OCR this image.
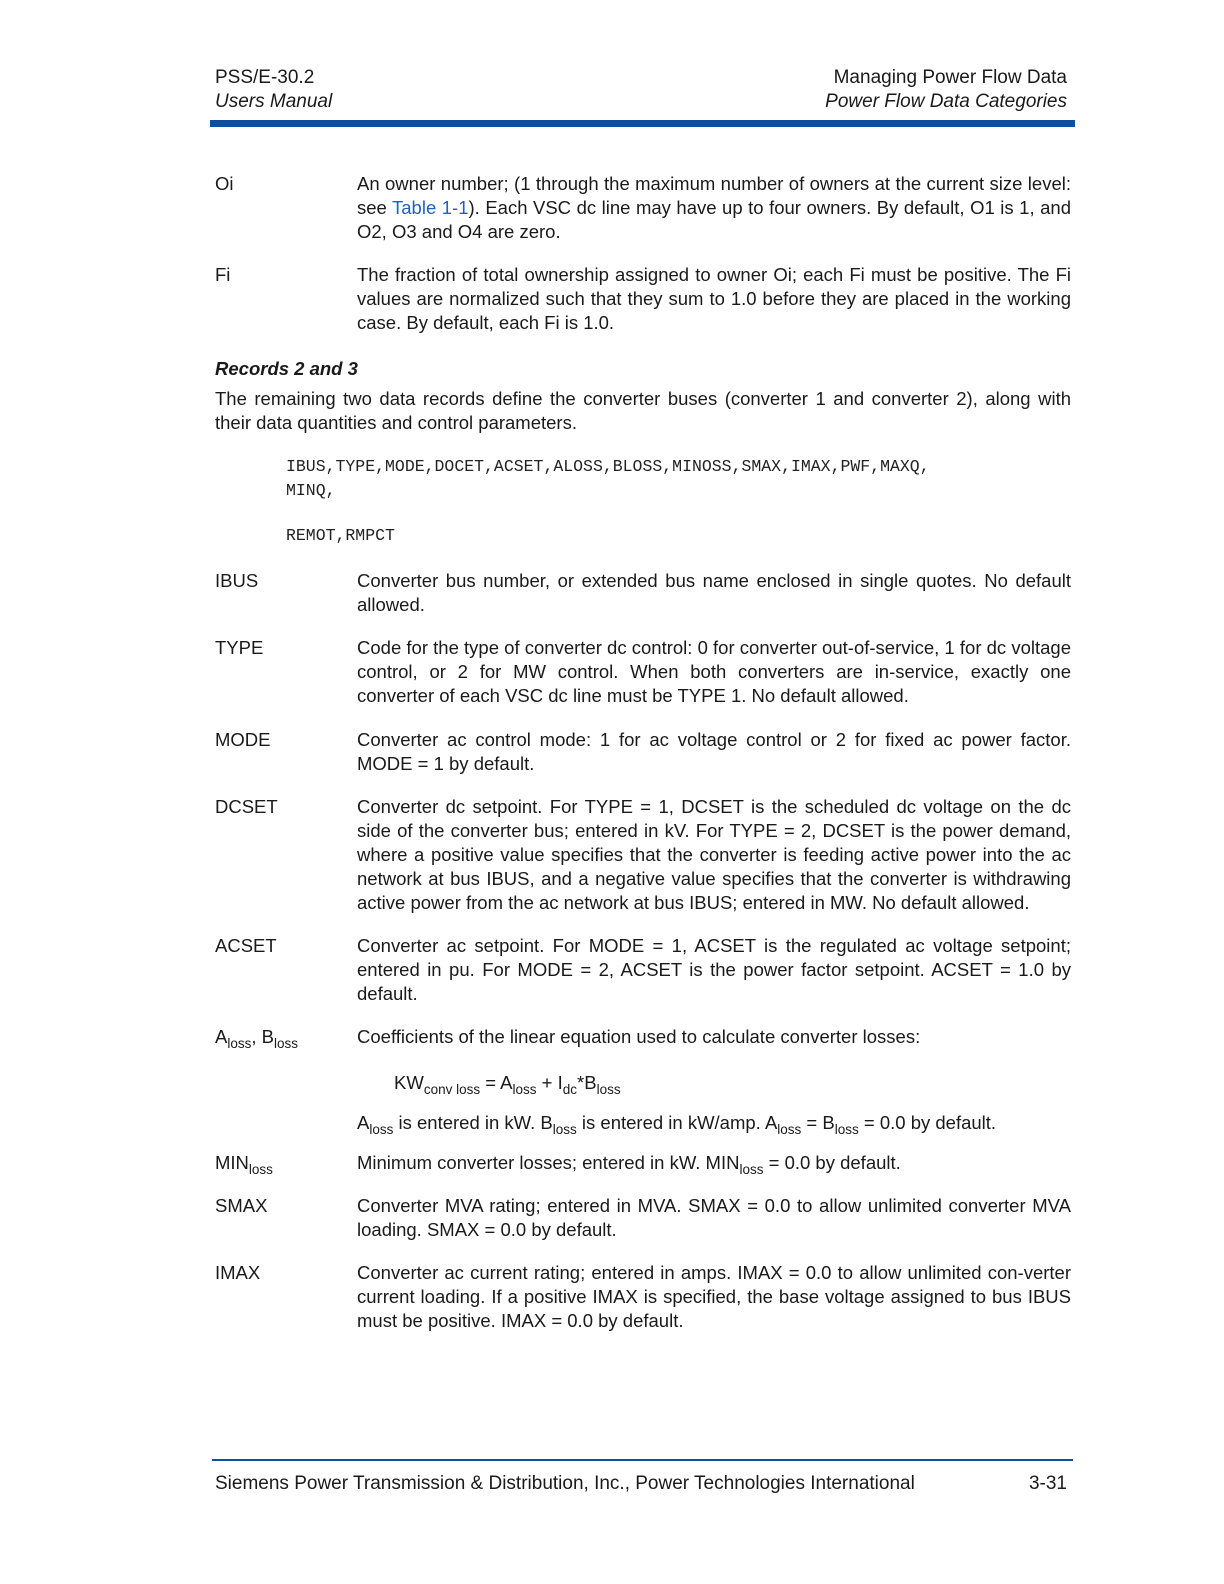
PSS/E-30.2
Users Manual
Managing Power Flow Data
Power Flow Data Categories
Oi	An owner number; (1 through the maximum number of owners at the current size level: see Table 1-1). Each VSC dc line may have up to four owners. By default, O1 is 1, and O2, O3 and O4 are zero.
Fi	The fraction of total ownership assigned to owner Oi; each Fi must be positive. The Fi values are normalized such that they sum to 1.0 before they are placed in the working case. By default, each Fi is 1.0.
Records 2 and 3
The remaining two data records define the converter buses (converter 1 and converter 2), along with their data quantities and control parameters.
IBUS,TYPE,MODE,DOCET,ACSET,ALOSS,BLOSS,MINOSS,SMAX,IMAX,PWF,MAXQ,
MINQ,
REMOT,RMPCT
IBUS	Converter bus number, or extended bus name enclosed in single quotes. No default allowed.
TYPE	Code for the type of converter dc control: 0 for converter out-of-service, 1 for dc voltage control, or 2 for MW control. When both converters are in-service, exactly one converter of each VSC dc line must be TYPE 1. No default allowed.
MODE	Converter ac control mode: 1 for ac voltage control or 2 for fixed ac power factor. MODE = 1 by default.
DCSET	Converter dc setpoint. For TYPE = 1, DCSET is the scheduled dc voltage on the dc side of the converter bus; entered in kV. For TYPE = 2, DCSET is the power demand, where a positive value specifies that the converter is feeding active power into the ac network at bus IBUS, and a negative value specifies that the converter is withdrawing active power from the ac network at bus IBUS; entered in MW. No default allowed.
ACSET	Converter ac setpoint. For MODE = 1, ACSET is the regulated ac voltage setpoint; entered in pu. For MODE = 2, ACSET is the power factor setpoint. ACSET = 1.0 by default.
$A_{loss}$, $B_{loss}$	Coefficients of the linear equation used to calculate converter losses:
$KW_{conv loss} = A_{loss} + I_{dc}*B_{loss}$
$A_{loss}$ is entered in kW. $B_{loss}$ is entered in kW/amp. $A_{loss} = B_{loss} = 0.0$ by default.
$MIN_{loss}$	Minimum converter losses; entered in kW. $MIN_{loss} = 0.0$ by default.
SMAX	Converter MVA rating; entered in MVA. SMAX = 0.0 to allow unlimited converter MVA loading. SMAX = 0.0 by default.
IMAX	Converter ac current rating; entered in amps. IMAX = 0.0 to allow unlimited con-verter current loading. If a positive IMAX is specified, the base voltage assigned to bus IBUS must be positive. IMAX = 0.0 by default.
Siemens Power Transmission & Distribution, Inc., Power Technologies International	3-31
